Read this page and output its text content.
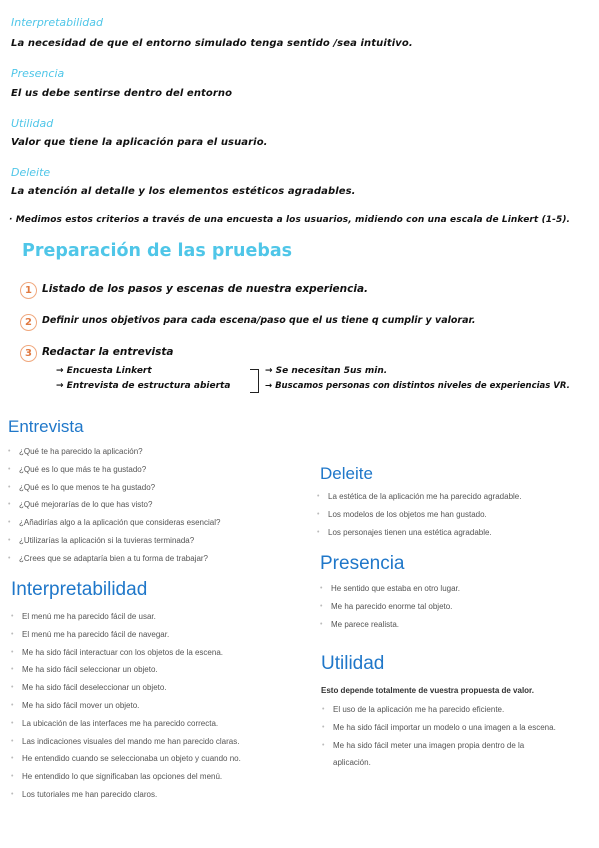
Interpretabilidad
La necesidad de que el entorno simulado tenga sentido /sea intuitivo.
Presencia
El us debe sentirse dentro del entorno
Utilidad
Valor que tiene la aplicación para el usuario.
Deleite
La atención al detalle y los elementos estéticos agradables.
· Medimos estos criterios a través de una encuesta a los usuarios, midiendo con una escala de Linkert (1-5).
Preparación de las pruebas
1 Listado de los pasos y escenas de nuestra experiencia.
2	Definir unos objetivos para cada escena/paso que el us tiene q cumplir y valorar.
3 Redactar la entrevista
→ Encuesta Linkert
→ Entrevista de estructura abierta
→ Se necesitan 5us min.
→ Buscamos personas con distintos niveles de experiencias VR.
Entrevista
• ¿Qué te ha parecido la aplicación?
• ¿Qué es lo que más te ha gustado?
• ¿Qué es lo que menos te ha gustado?
• ¿Qué mejorarías de lo que has visto?
• ¿Añadirías algo a la aplicación que consideras esencial?
• ¿Utilizarías la aplicación si la tuvieras terminada?
• ¿Crees que se adaptaría bien a tu forma de trabajar?
Interpretabilidad
• El menú me ha parecido fácil de usar.
• El menú me ha parecido fácil de navegar.
• Me ha sido fácil interactuar con los objetos de la escena.
• Me ha sido fácil seleccionar un objeto.
• Me ha sido fácil deseleccionar un objeto.
• Me ha sido fácil mover un objeto.
• La ubicación de las interfaces me ha parecido correcta.
• Las indicaciones visuales del mando me han parecido claras.
• He entendido cuando se seleccionaba un objeto y cuando no.
• He entendido lo que significaban las opciones del menú.
• Los tutoriales me han parecido claros.
Deleite
• La estética de la aplicación me ha parecido agradable.
• Los modelos de los objetos me han gustado.
• Los personajes tienen una estética agradable.
Presencia
• He sentido que estaba en otro lugar.
• Me ha parecido enorme tal objeto.
• Me parece realista.
Utilidad
Esto depende totalmente de vuestra propuesta de valor.
• El uso de la aplicación me ha parecido eficiente.
• Me ha sido fácil importar un modelo o una imagen a la escena.
• Me ha sido fácil meter una imagen propia dentro de la
aplicación.
